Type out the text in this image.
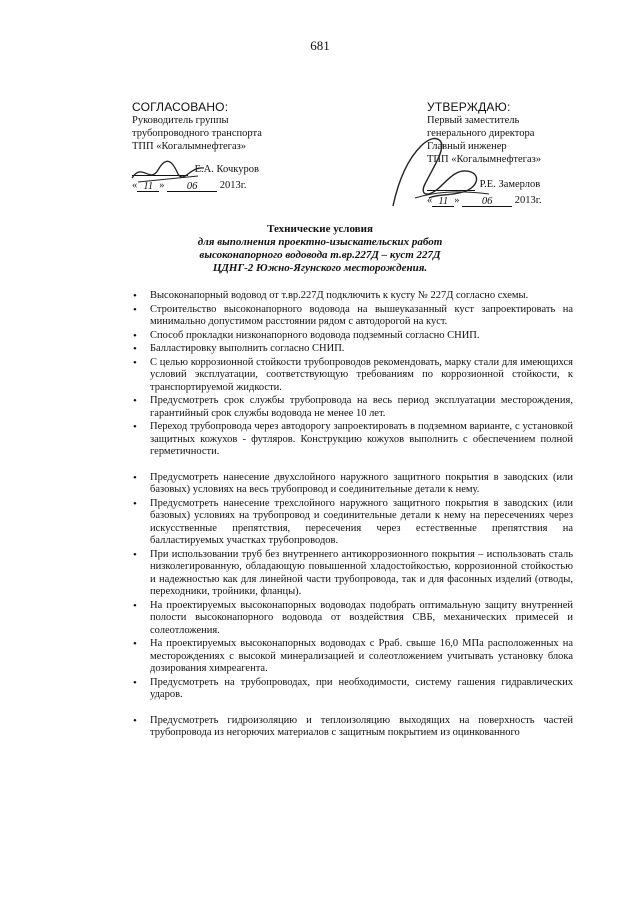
681
СОГЛАСОВАНО:
Руководитель группы
трубопроводного транспорта
ТПП «Когалымнефтегаз»
Е.А. Кочкуров
« 11 » 06 2013г.
УТВЕРЖДАЮ:
Первый заместитель
генерального директора
Главный инженер
ТПП «Когалымнефтегаз»
Р.Е. Замерлов
« 11 » 06 2013г.
Технические условия
для выполнения проектно-изыскательских работ
высоконапорного водовода т.вр.227Д – куст 227Д
ЦДНГ-2 Южно-Ягунского месторождения.
• Высоконапорный водовод от т.вр.227Д подключить к кусту № 227Д согласно схемы.
• Строительство высоконапорного водовода на вышеуказанный куст запроектировать на минимально допустимом расстоянии рядом с автодорогой на куст.
• Способ прокладки низконапорного водовода подземный согласно СНИП.
• Балластировку выполнить согласно СНИП.
• С целью коррозионной стойкости трубопроводов рекомендовать, марку стали для имеющихся условий эксплуатации, соответствующую требованиям по коррозионной стойкости, к транспортируемой жидкости.
• Предусмотреть срок службы трубопровода на весь период эксплуатации месторождения, гарантийный срок службы водовода не менее 10 лет.
• Переход трубопровода через автодорогу запроектировать в подземном варианте, с установкой защитных кожухов - футляров. Конструкцию кожухов выполнить с обеспечением полной герметичности.
• Предусмотреть нанесение двухслойного наружного защитного покрытия в заводских (или базовых) условиях на весь трубопровод и соединительные детали к нему.
• Предусмотреть нанесение трехслойного наружного защитного покрытия в заводских (или базовых) условиях на трубопровод и соединительные детали к нему на пересечениях через искусственные препятствия, пересечения через естественные препятствия на балластируемых участках трубопроводов.
• При использовании труб без внутреннего антикоррозионного покрытия – использовать сталь низколегированную, обладающую повышенной хладостойкостью, коррозионной стойкостью и надежностью как для линейной части трубопровода, так и для фасонных изделий (отводы, переходники, тройники, фланцы).
• На проектируемых высоконапорных водоводах подобрать оптимальную защиту внутренней полости высоконапорного водовода от воздействия СВБ, механических примесей и солеотложения.
• На проектируемых высоконапорных водоводах с Рраб. свыше 16,0 МПа расположенных на месторождениях с высокой минерализацией и солеотложением учитывать установку блока дозирования химреагента.
• Предусмотреть на трубопроводах, при необходимости, систему гашения гидравлических ударов.
• Предусмотреть гидроизоляцию и теплоизоляцию выходящих на поверхность частей трубопровода из негорючих материалов с защитным покрытием из оцинкованного
